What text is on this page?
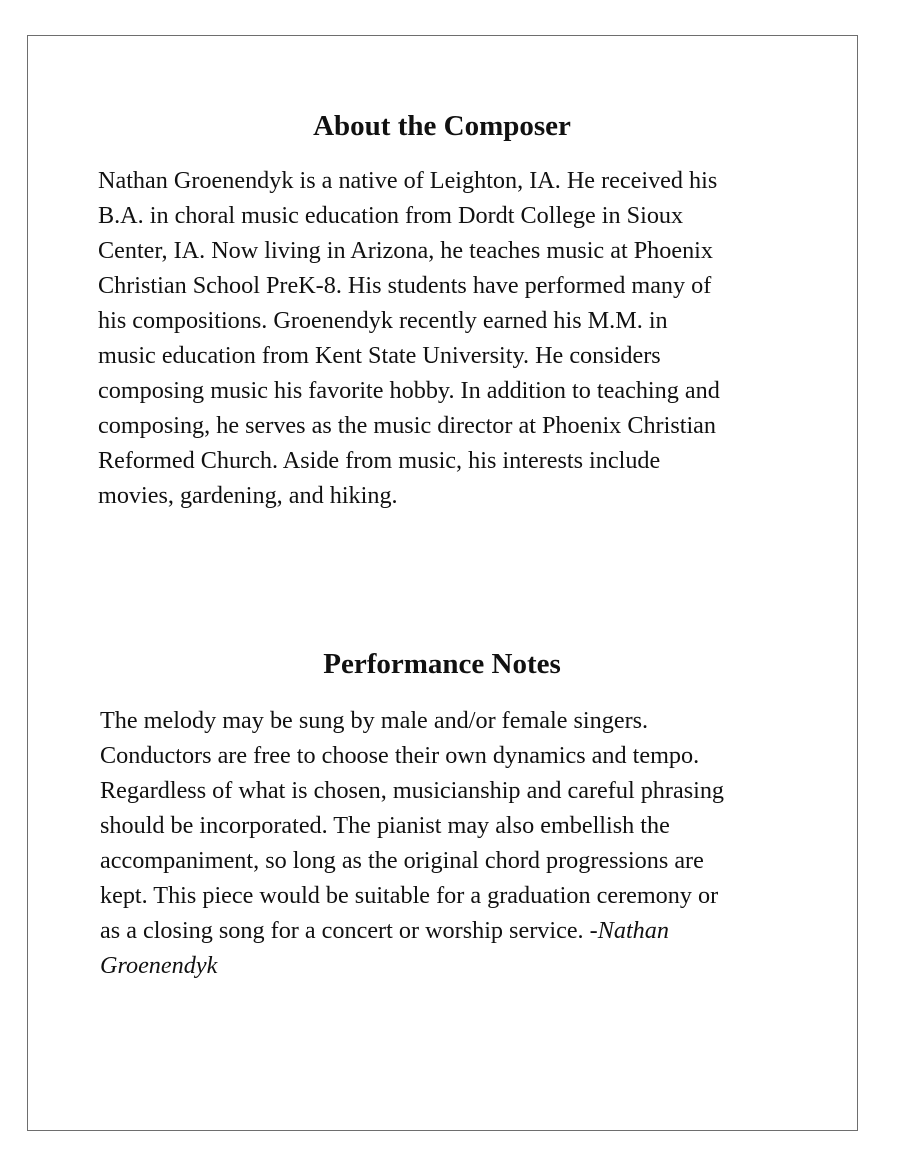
About the Composer
Nathan Groenendyk is a native of Leighton, IA. He received his
B.A. in choral music education from Dordt College in Sioux
Center, IA. Now living in Arizona, he teaches music at Phoenix
Christian School PreK-8. His students have performed many of
his compositions. Groenendyk recently earned his M.M. in
music education from Kent State University. He considers
composing music his favorite hobby. In addition to teaching and
composing, he serves as the music director at Phoenix Christian
Reformed Church. Aside from music, his interests include
movies, gardening, and hiking.
Performance Notes
The melody may be sung by male and/or female singers.
Conductors are free to choose their own dynamics and tempo.
Regardless of what is chosen, musicianship and careful phrasing
should be incorporated. The pianist may also embellish the
accompaniment, so long as the original chord progressions are
kept. This piece would be suitable for a graduation ceremony or
as a closing song for a concert or worship service. -Nathan
Groenendyk
